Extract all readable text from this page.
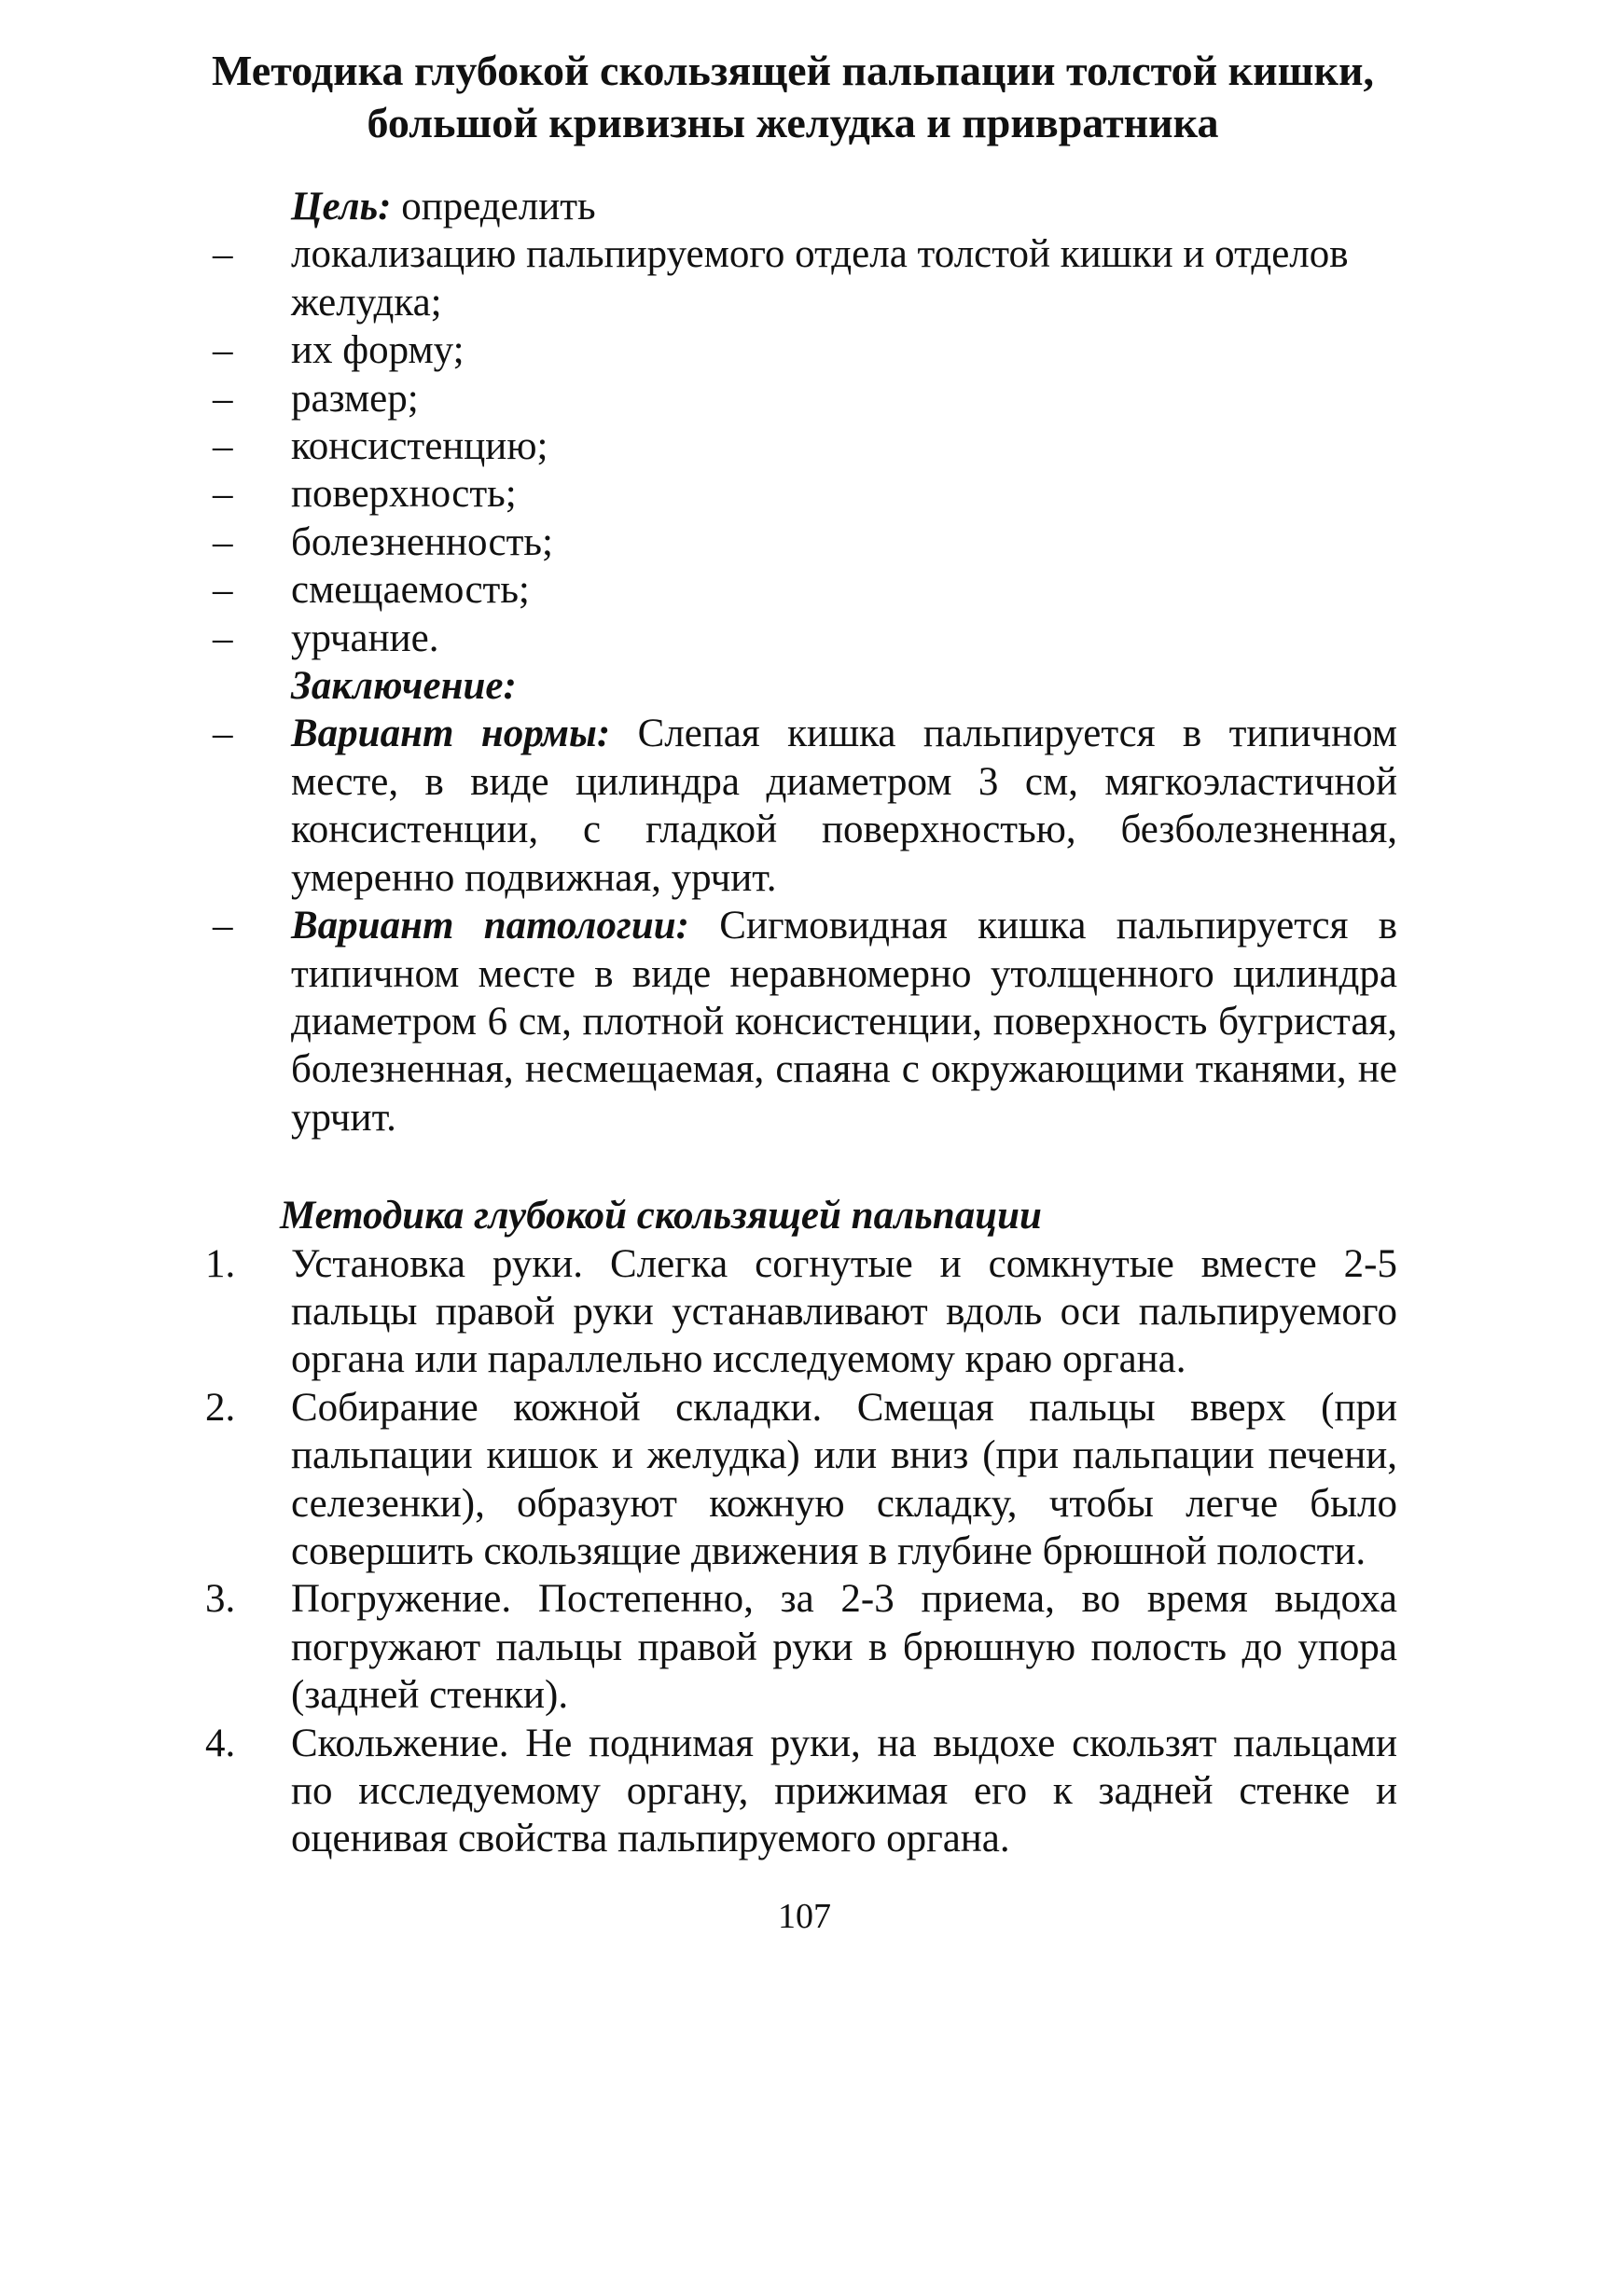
Методика глубокой скользящей пальпации толстой кишки,
большой кривизны желудка и привратника
Цель: определить
–	локализацию пальпируемого отдела толстой кишки и отделов желудка;
–	их форму;
–	размер;
–	консистенцию;
–	поверхность;
–	болезненность;
–	смещаемость;
–	урчание.
Заключение:
–	Вариант нормы: Слепая кишка пальпируется в типичном месте, в виде цилиндра диаметром 3 см, мягкоэластичной консистенции, с гладкой поверхностью, безболезненная, умеренно подвижная, урчит.
–	Вариант патологии: Сигмовидная кишка пальпируется в типичном месте в виде неравномерно утолщенного цилиндра диаметром 6 см, плотной консистенции, поверхность бугристая, болезненная, несмещаемая, спаяна с окружающими тканями, не урчит.
Методика глубокой скользящей пальпации
1.	Установка руки. Слегка согнутые и сомкнутые вместе 2-5 пальцы правой руки устанавливают вдоль оси пальпируемого органа или параллельно исследуемому краю органа.
2.	Собирание кожной складки. Смещая пальцы вверх (при пальпации кишок и желудка) или вниз (при пальпации печени, селезенки), образуют кожную складку, чтобы легче было совершить скользящие движения в глубине брюшной полости.
3.	Погружение. Постепенно, за 2-3 приема, во время выдоха погружают пальцы правой руки в брюшную полость до упора (задней стенки).
4.	Скольжение. Не поднимая руки, на выдохе скользят пальцами по исследуемому органу, прижимая его к задней стенке и оценивая свойства пальпируемого органа.
107
